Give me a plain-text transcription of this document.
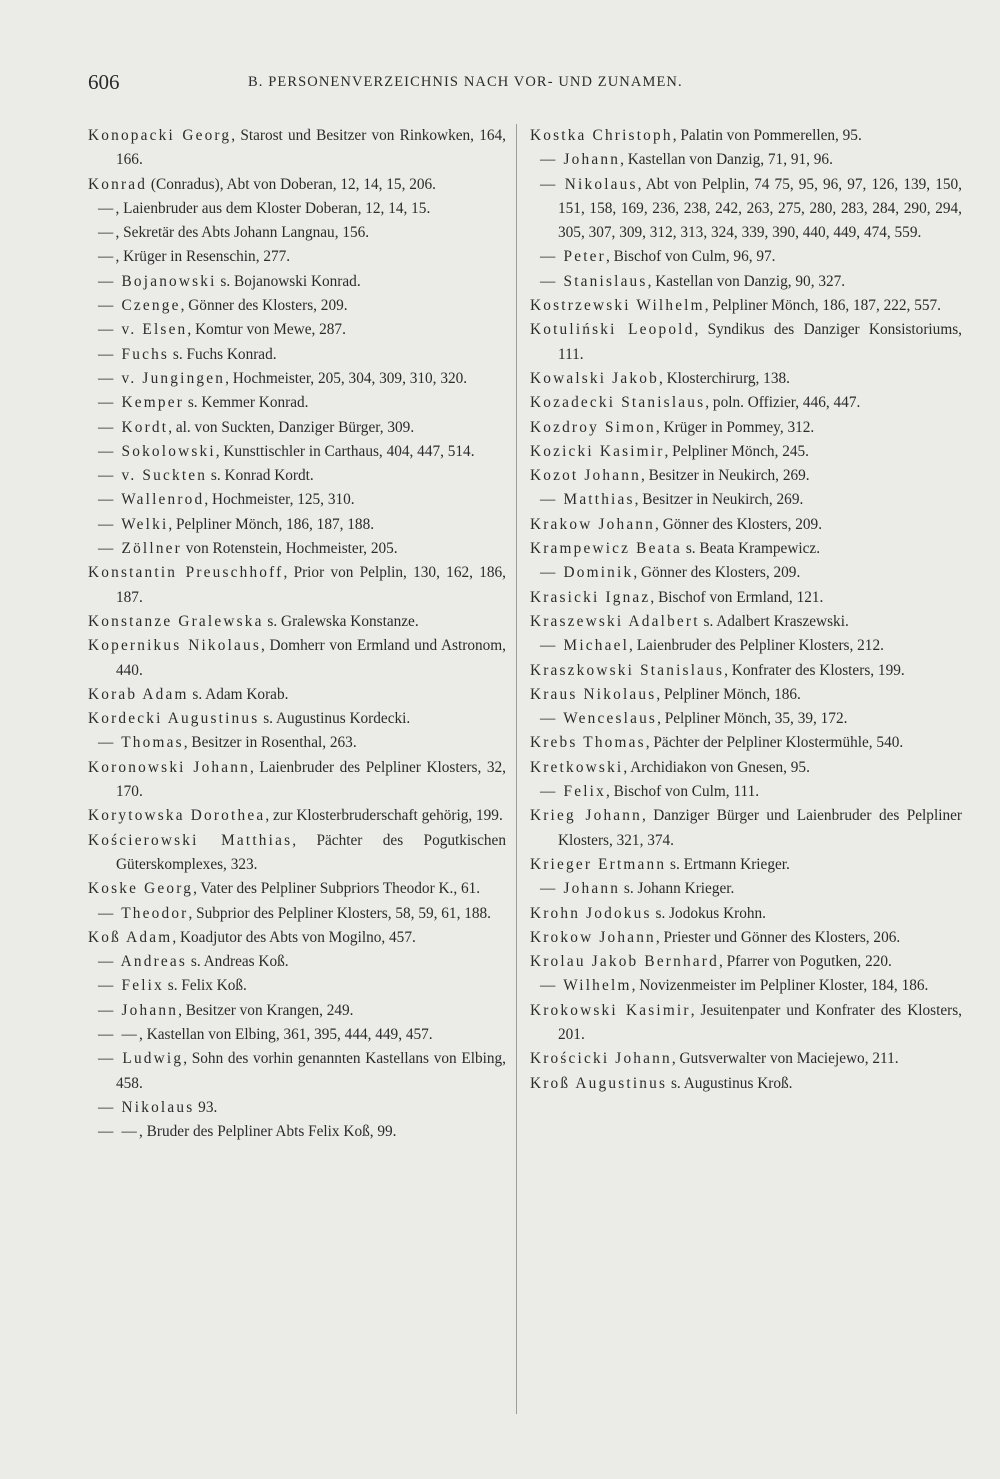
606	B. PERSONENVERZEICHNIS NACH VOR- UND ZUNAMEN.

Konopacki Georg, Starost und Besitzer von Rinkowken, 164, 166.

Konrad (Conradus), Abt von Doberan, 12, 14, 15, 206.

—, Laienbruder aus dem Kloster Doberan, 12, 14, 15.

—, Sekretär des Abts Johann Langnau, 156.

—, Krüger in Resenschin, 277.

— Bojanowski s. Bojanowski Konrad.

— Czenge, Gönner des Klosters, 209.

— v. Elsen, Komtur von Mewe, 287.

— Fuchs s. Fuchs Konrad.

— v. Jungingen, Hochmeister, 205, 304, 309, 310, 320.

— Kemper s. Kemmer Konrad.

— Kordt, al. von Suckten, Danziger Bürger, 309.

— Sokolowski, Kunsttischler in Carthaus, 404, 447, 514.

— v. Suckten s. Konrad Kordt.

— Wallenrod, Hochmeister, 125, 310.

— Welki, Pelpliner Mönch, 186, 187, 188.

— Zöllner von Rotenstein, Hochmeister, 205.

Konstantin Preuschhoff, Prior von Pelplin, 130, 162, 186, 187.

Konstanze Gralewska s. Gralewska Konstanze.

Kopernikus Nikolaus, Domherr von Ermland und Astronom, 440.

Korab Adam s. Adam Korab.

Kordecki Augustinus s. Augustinus Kordecki.

— Thomas, Besitzer in Rosenthal, 263.

Koronowski Johann, Laienbruder des Pelpliner Klosters, 32, 170.

Korytowska Dorothea, zur Klosterbruderschaft gehörig, 199.

Kościerowski Matthias, Pächter des Pogutkischen Güterskomplexes, 323.

Koske Georg, Vater des Pelpliner Subpriors Theodor K., 61.

— Theodor, Subprior des Pelpliner Klosters, 58, 59, 61, 188.

Koß Adam, Koadjutor des Abts von Mogilno, 457.

— Andreas s. Andreas Koß.

— Felix s. Felix Koß.

— Johann, Besitzer von Krangen, 249.

— —, Kastellan von Elbing, 361, 395, 444, 449, 457.

— Ludwig, Sohn des vorhin genannten Kastellans von Elbing, 458.

— Nikolaus 93.

— —, Bruder des Pelpliner Abts Felix Koß, 99.

Kostka Christoph, Palatin von Pommerellen, 95.

— Johann, Kastellan von Danzig, 71, 91, 96.

— Nikolaus, Abt von Pelplin, 74 75, 95, 96, 97, 126, 139, 150, 151, 158, 169, 236, 238, 242, 263, 275, 280, 283, 284, 290, 294, 305, 307, 309, 312, 313, 324, 339, 390, 440, 449, 474, 559.

— Peter, Bischof von Culm, 96, 97.

— Stanislaus, Kastellan von Danzig, 90, 327.

Kostrzewski Wilhelm, Pelpliner Mönch, 186, 187, 222, 557.

Kotuliński Leopold, Syndikus des Danziger Konsistoriums, 111.

Kowalski Jakob, Klosterchirurg, 138.

Kozadecki Stanislaus, poln. Offizier, 446, 447.

Kozdroy Simon, Krüger in Pommey, 312.

Kozicki Kasimir, Pelpliner Mönch, 245.

Kozot Johann, Besitzer in Neukirch, 269.

— Matthias, Besitzer in Neukirch, 269.

Krakow Johann, Gönner des Klosters, 209.

Krampewicz Beata s. Beata Krampewicz.

— Dominik, Gönner des Klosters, 209.

Krasicki Ignaz, Bischof von Ermland, 121.

Kraszewski Adalbert s. Adalbert Kraszewski.

— Michael, Laienbruder des Pelpliner Klosters, 212.

Kraszkowski Stanislaus, Konfrater des Klosters, 199.

Kraus Nikolaus, Pelpliner Mönch, 186.

— Wenceslaus, Pelpliner Mönch, 35, 39, 172.

Krebs Thomas, Pächter der Pelpliner Klostermühle, 540.

Kretkowski, Archidiakon von Gnesen, 95.

— Felix, Bischof von Culm, 111.

Krieg Johann, Danziger Bürger und Laienbruder des Pelpliner Klosters, 321, 374.

Krieger Ertmann s. Ertmann Krieger.

— Johann s. Johann Krieger.

Krohn Jodokus s. Jodokus Krohn.

Krokow Johann, Priester und Gönner des Klosters, 206.

Krolau Jakob Bernhard, Pfarrer von Pogutken, 220.

— Wilhelm, Novizenmeister im Pelpliner Kloster, 184, 186.

Krokowski Kasimir, Jesuitenpater und Konfrater des Klosters, 201.

Krościcki Johann, Gutsverwalter von Maciejewo, 211.

Kroß Augustinus s. Augustinus Kroß.
